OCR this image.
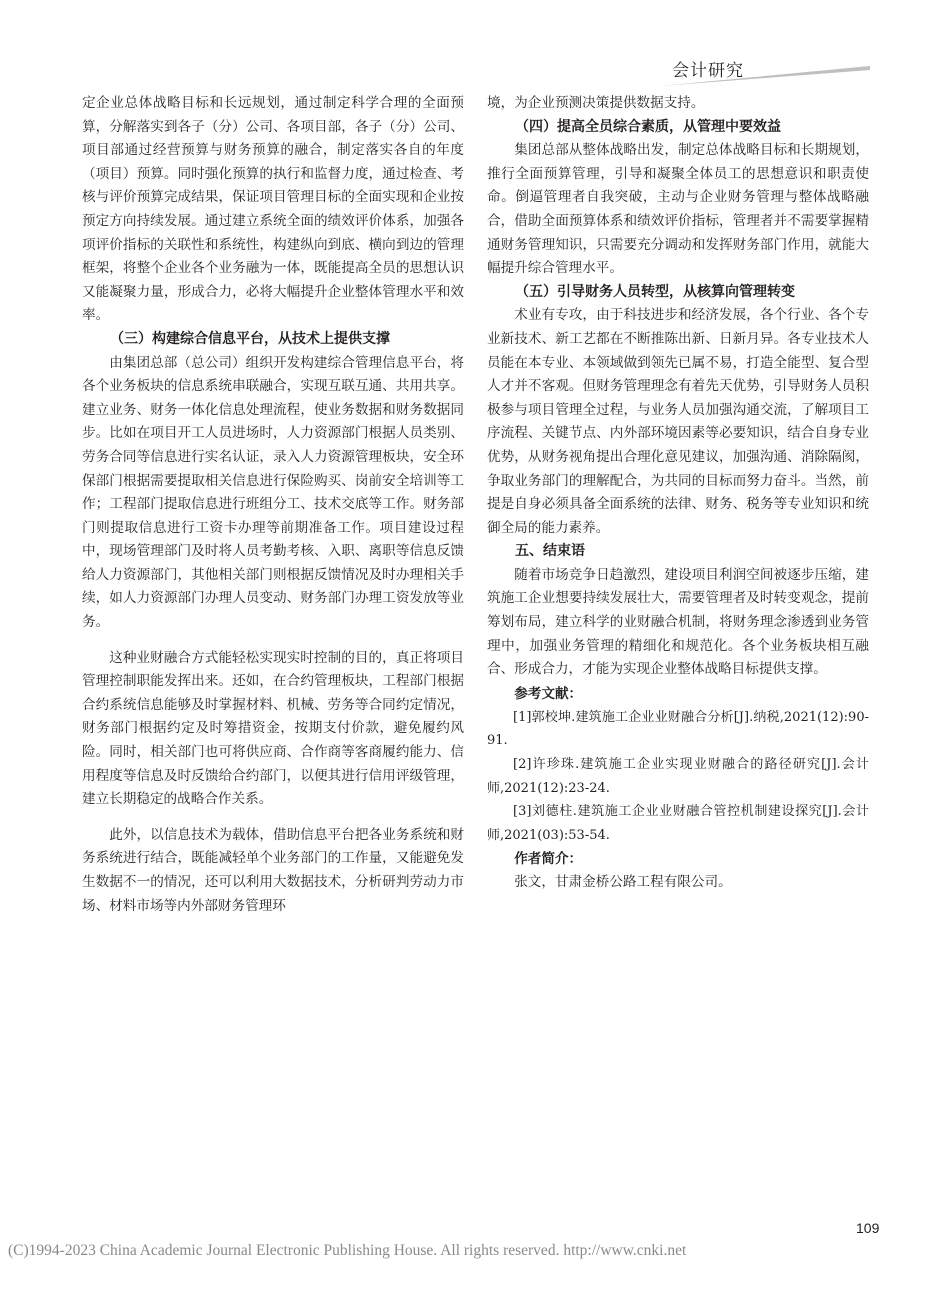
会计研究

定企业总体战略目标和长远规划，通过制定科学合理的全面预算，分解落实到各子（分）公司、各项目部，各子（分）公司、项目部通过经营预算与财务预算的融合，制定落实各自的年度（项目）预算。同时强化预算的执行和监督力度，通过检查、考核与评价预算完成结果，保证项目管理目标的全面实现和企业按预定方向持续发展。通过建立系统全面的绩效评价体系，加强各项评价指标的关联性和系统性，构建纵向到底、横向到边的管理框架，将整个企业各个业务融为一体，既能提高全员的思想认识又能凝聚力量，形成合力，必将大幅提升企业整体管理水平和效率。

（三）构建综合信息平台，从技术上提供支撑

由集团总部（总公司）组织开发构建综合管理信息平台，将各个业务板块的信息系统串联融合，实现互联互通、共用共享。建立业务、财务一体化信息处理流程，使业务数据和财务数据同步。比如在项目开工人员进场时，人力资源部门根据人员类别、劳务合同等信息进行实名认证，录入人力资源管理板块，安全环保部门根据需要提取相关信息进行保险购买、岗前安全培训等工作；工程部门提取信息进行班组分工、技术交底等工作。财务部门则提取信息进行工资卡办理等前期准备工作。项目建设过程中，现场管理部门及时将人员考勤考核、入职、离职等信息反馈给人力资源部门，其他相关部门则根据反馈情况及时办理相关手续，如人力资源部门办理人员变动、财务部门办理工资发放等业务。

这种业财融合方式能轻松实现实时控制的目的，真正将项目管理控制职能发挥出来。还如，在合约管理板块，工程部门根据合约系统信息能够及时掌握材料、机械、劳务等合同约定情况，财务部门根据约定及时筹措资金，按期支付价款，避免履约风险。同时，相关部门也可将供应商、合作商等客商履约能力、信用程度等信息及时反馈给合约部门，以便其进行信用评级管理，建立长期稳定的战略合作关系。

此外，以信息技术为载体，借助信息平台把各业务系统和财务系统进行结合，既能减轻单个业务部门的工作量，又能避免发生数据不一的情况，还可以利用大数据技术，分析研判劳动力市场、材料市场等内外部财务管理环

境，为企业预测决策提供数据支持。

（四）提高全员综合素质，从管理中要效益

集团总部从整体战略出发，制定总体战略目标和长期规划，推行全面预算管理，引导和凝聚全体员工的思想意识和职责使命。倒逼管理者自我突破，主动与企业财务管理与整体战略融合，借助全面预算体系和绩效评价指标，管理者并不需要掌握精通财务管理知识，只需要充分调动和发挥财务部门作用，就能大幅提升综合管理水平。

（五）引导财务人员转型，从核算向管理转变

术业有专攻，由于科技进步和经济发展，各个行业、各个专业新技术、新工艺都在不断推陈出新、日新月异。各专业技术人员能在本专业、本领域做到领先已属不易，打造全能型、复合型人才并不客观。但财务管理理念有着先天优势，引导财务人员积极参与项目管理全过程，与业务人员加强沟通交流，了解项目工序流程、关键节点、内外部环境因素等必要知识，结合自身专业优势，从财务视角提出合理化意见建议，加强沟通、消除隔阂，争取业务部门的理解配合，为共同的目标而努力奋斗。当然，前提是自身必须具备全面系统的法律、财务、税务等专业知识和统御全局的能力素养。

五、结束语

随着市场竞争日趋激烈，建设项目利润空间被逐步压缩，建筑施工企业想要持续发展壮大，需要管理者及时转变观念，提前筹划布局，建立科学的业财融合机制，将财务理念渗透到业务管理中，加强业务管理的精细化和规范化。各个业务板块相互融合、形成合力，才能为实现企业整体战略目标提供支撑。

参考文献：

[1]郭校坤.建筑施工企业业财融合分析[J].纳税,2021(12):90-91.

[2]许珍珠.建筑施工企业实现业财融合的路径研究[J].会计师,2021(12):23-24.

[3]刘德柱.建筑施工企业业财融合管控机制建设探究[J].会计师,2021(03):53-54.

作者简介：

张文，甘肃金桥公路工程有限公司。

109
(C)1994-2023 China Academic Journal Electronic Publishing House. All rights reserved. http://www.cnki.net
